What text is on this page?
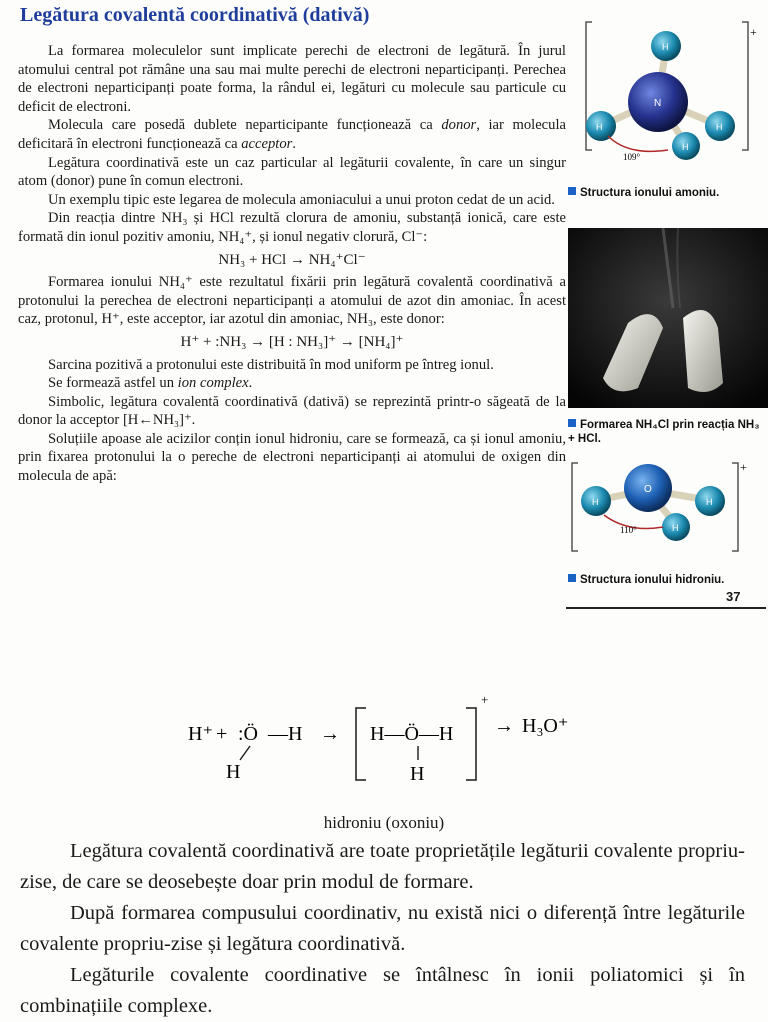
Legătura covalentă coordinativă (dativă)

La formarea moleculelor sunt implicate perechi de electroni de legătură. În jurul atomului central pot rămâne una sau mai multe perechi de electroni neparticipanți. Perechea de electroni neparticipanți poate forma, la rândul ei, legături cu molecule sau particule cu deficit de electroni.

Molecula care posedă dublete neparticipante funcționează ca donor, iar molecula deficitară în electroni funcționează ca acceptor.

Legătura coordinativă este un caz particular al legăturii covalente, în care un singur atom (donor) pune în comun electroni.

Un exemplu tipic este legarea de molecula amoniacului a unui proton cedat de un acid.

Din reacția dintre NH₃ și HCl rezultă clorura de amoniu, substanță ionică, care este formată din ionul pozitiv amoniu, NH₄⁺, și ionul negativ clorură, Cl⁻:

NH₃ + HCl → NH₄⁺Cl⁻

Formarea ionului NH₄⁺ este rezultatul fixării prin legătură covalentă coordinativă a protonului la perechea de electroni neparticipanți a atomului de azot din amoniac. În acest caz, protonul, H⁺, este acceptor, iar azotul din amoniac, NH₃, este donor:

H⁺ + :NH₃ → [H : NH₃]⁺ → [NH₄]⁺

Sarcina pozitivă a protonului este distribuită în mod uniform pe întreg ionul.

Se formează astfel un ion complex.

Simbolic, legătura covalentă coordinativă (dativă) se reprezintă printr-o săgeată de la donor la acceptor [H←NH₃]⁺.

Soluțiile apoase ale acizilor conțin ionul hidroniu, care se formează, ca și ionul amoniu, prin fixarea protonului la o pereche de electroni neparticipanți ai atomului de oxigen din molecula de apă:

+
H
N
H	H
H
109°
Structura ionului amoniu.
Formarea NH₄Cl prin reacția NH₃ + HCl.
+
O
H	H
H
110°
Structura ionului hidroniu.
37
H⁺ + :Ö —H
H
→ H—Ö—H
H
+
→ H₃O⁺
hidroniu (oxoniu)

Legătura covalentă coordinativă are toate proprietățile legăturii covalente propriu-zise, de care se deosebește doar prin modul de formare.

După formarea compusului coordinativ, nu există nici o diferență între legăturile covalente propriu-zise și legătura coordinativă.

Legăturile covalente coordinative se întâlnesc în ionii poliatomici și în combinațiile complexe.
